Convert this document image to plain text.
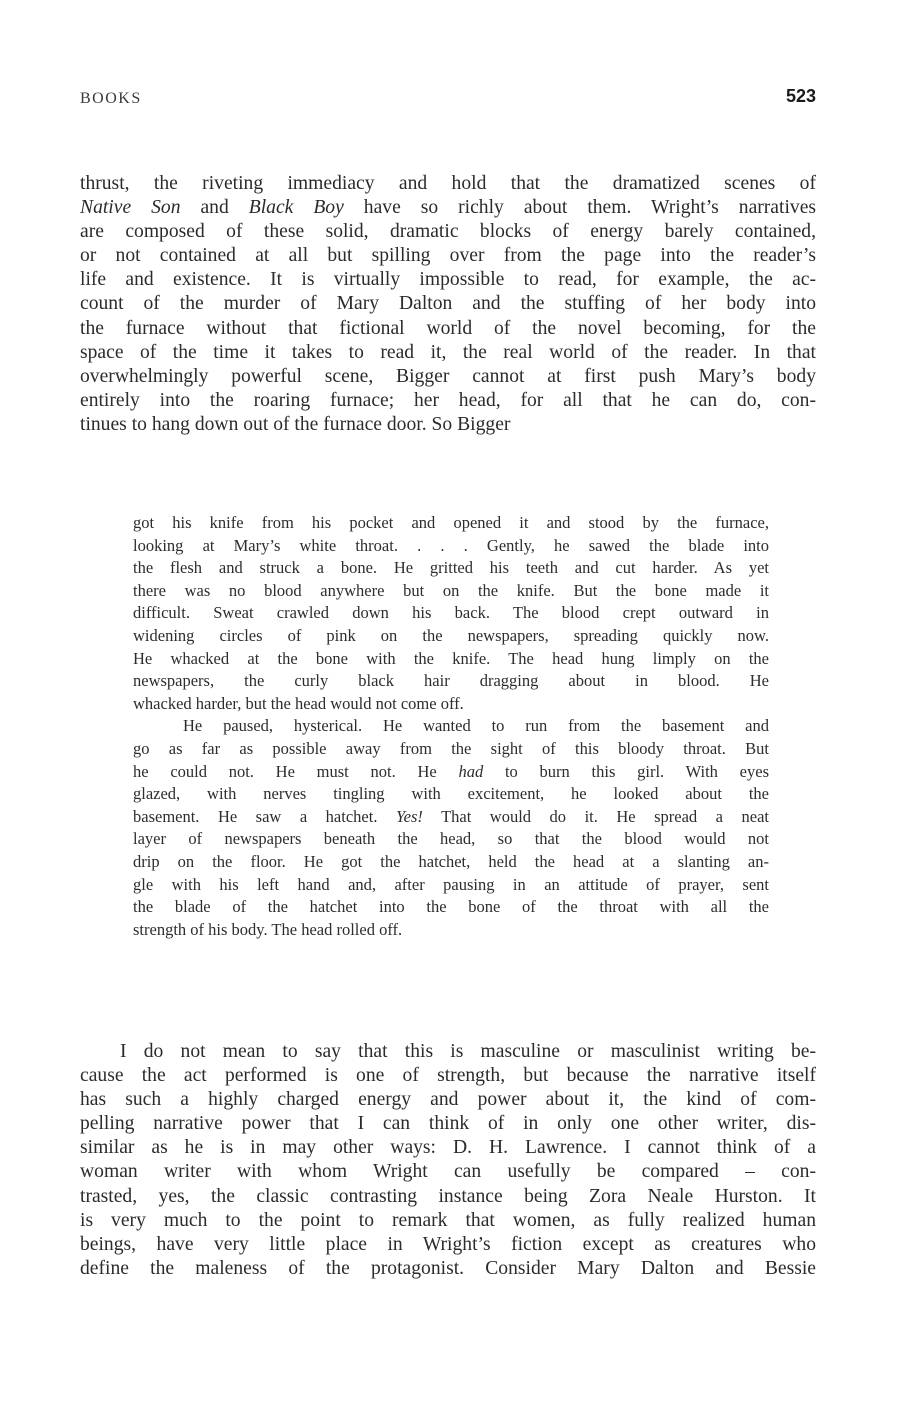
BOOKS	523
thrust, the riveting immediacy and hold that the dramatized scenes of
Native Son and Black Boy have so richly about them. Wright’s narratives
are composed of these solid, dramatic blocks of energy barely contained,
or not contained at all but spilling over from the page into the reader’s
life and existence. It is virtually impossible to read, for example, the ac-
count of the murder of Mary Dalton and the stuffing of her body into
the furnace without that fictional world of the novel becoming, for the
space of the time it takes to read it, the real world of the reader. In that
overwhelmingly powerful scene, Bigger cannot at first push Mary’s body
entirely into the roaring furnace; her head, for all that he can do, con-
tinues to hang down out of the furnace door. So Bigger

got his knife from his pocket and opened it and stood by the furnace,
looking at Mary’s white throat. . . . Gently, he sawed the blade into
the flesh and struck a bone. He gritted his teeth and cut harder. As yet
there was no blood anywhere but on the knife. But the bone made it
difficult. Sweat crawled down his back. The blood crept outward in
widening circles of pink on the newspapers, spreading quickly now.
He whacked at the bone with the knife. The head hung limply on the
newspapers, the curly black hair dragging about in blood. He
whacked harder, but the head would not come off.

He paused, hysterical. He wanted to run from the basement and
go as far as possible away from the sight of this bloody throat. But
he could not. He must not. He had to burn this girl. With eyes
glazed, with nerves tingling with excitement, he looked about the
basement. He saw a hatchet. Yes! That would do it. He spread a neat
layer of newspapers beneath the head, so that the blood would not
drip on the floor. He got the hatchet, held the head at a slanting an-
gle with his left hand and, after pausing in an attitude of prayer, sent
the blade of the hatchet into the bone of the throat with all the
strength of his body. The head rolled off.

I do not mean to say that this is masculine or masculinist writing be-
cause the act performed is one of strength, but because the narrative itself
has such a highly charged energy and power about it, the kind of com-
pelling narrative power that I can think of in only one other writer, dis-
similar as he is in may other ways: D. H. Lawrence. I cannot think of a
woman writer with whom Wright can usefully be compared – con-
trasted, yes, the classic contrasting instance being Zora Neale Hurston. It
is very much to the point to remark that women, as fully realized human
beings, have very little place in Wright’s fiction except as creatures who
define the maleness of the protagonist. Consider Mary Dalton and Bessie
